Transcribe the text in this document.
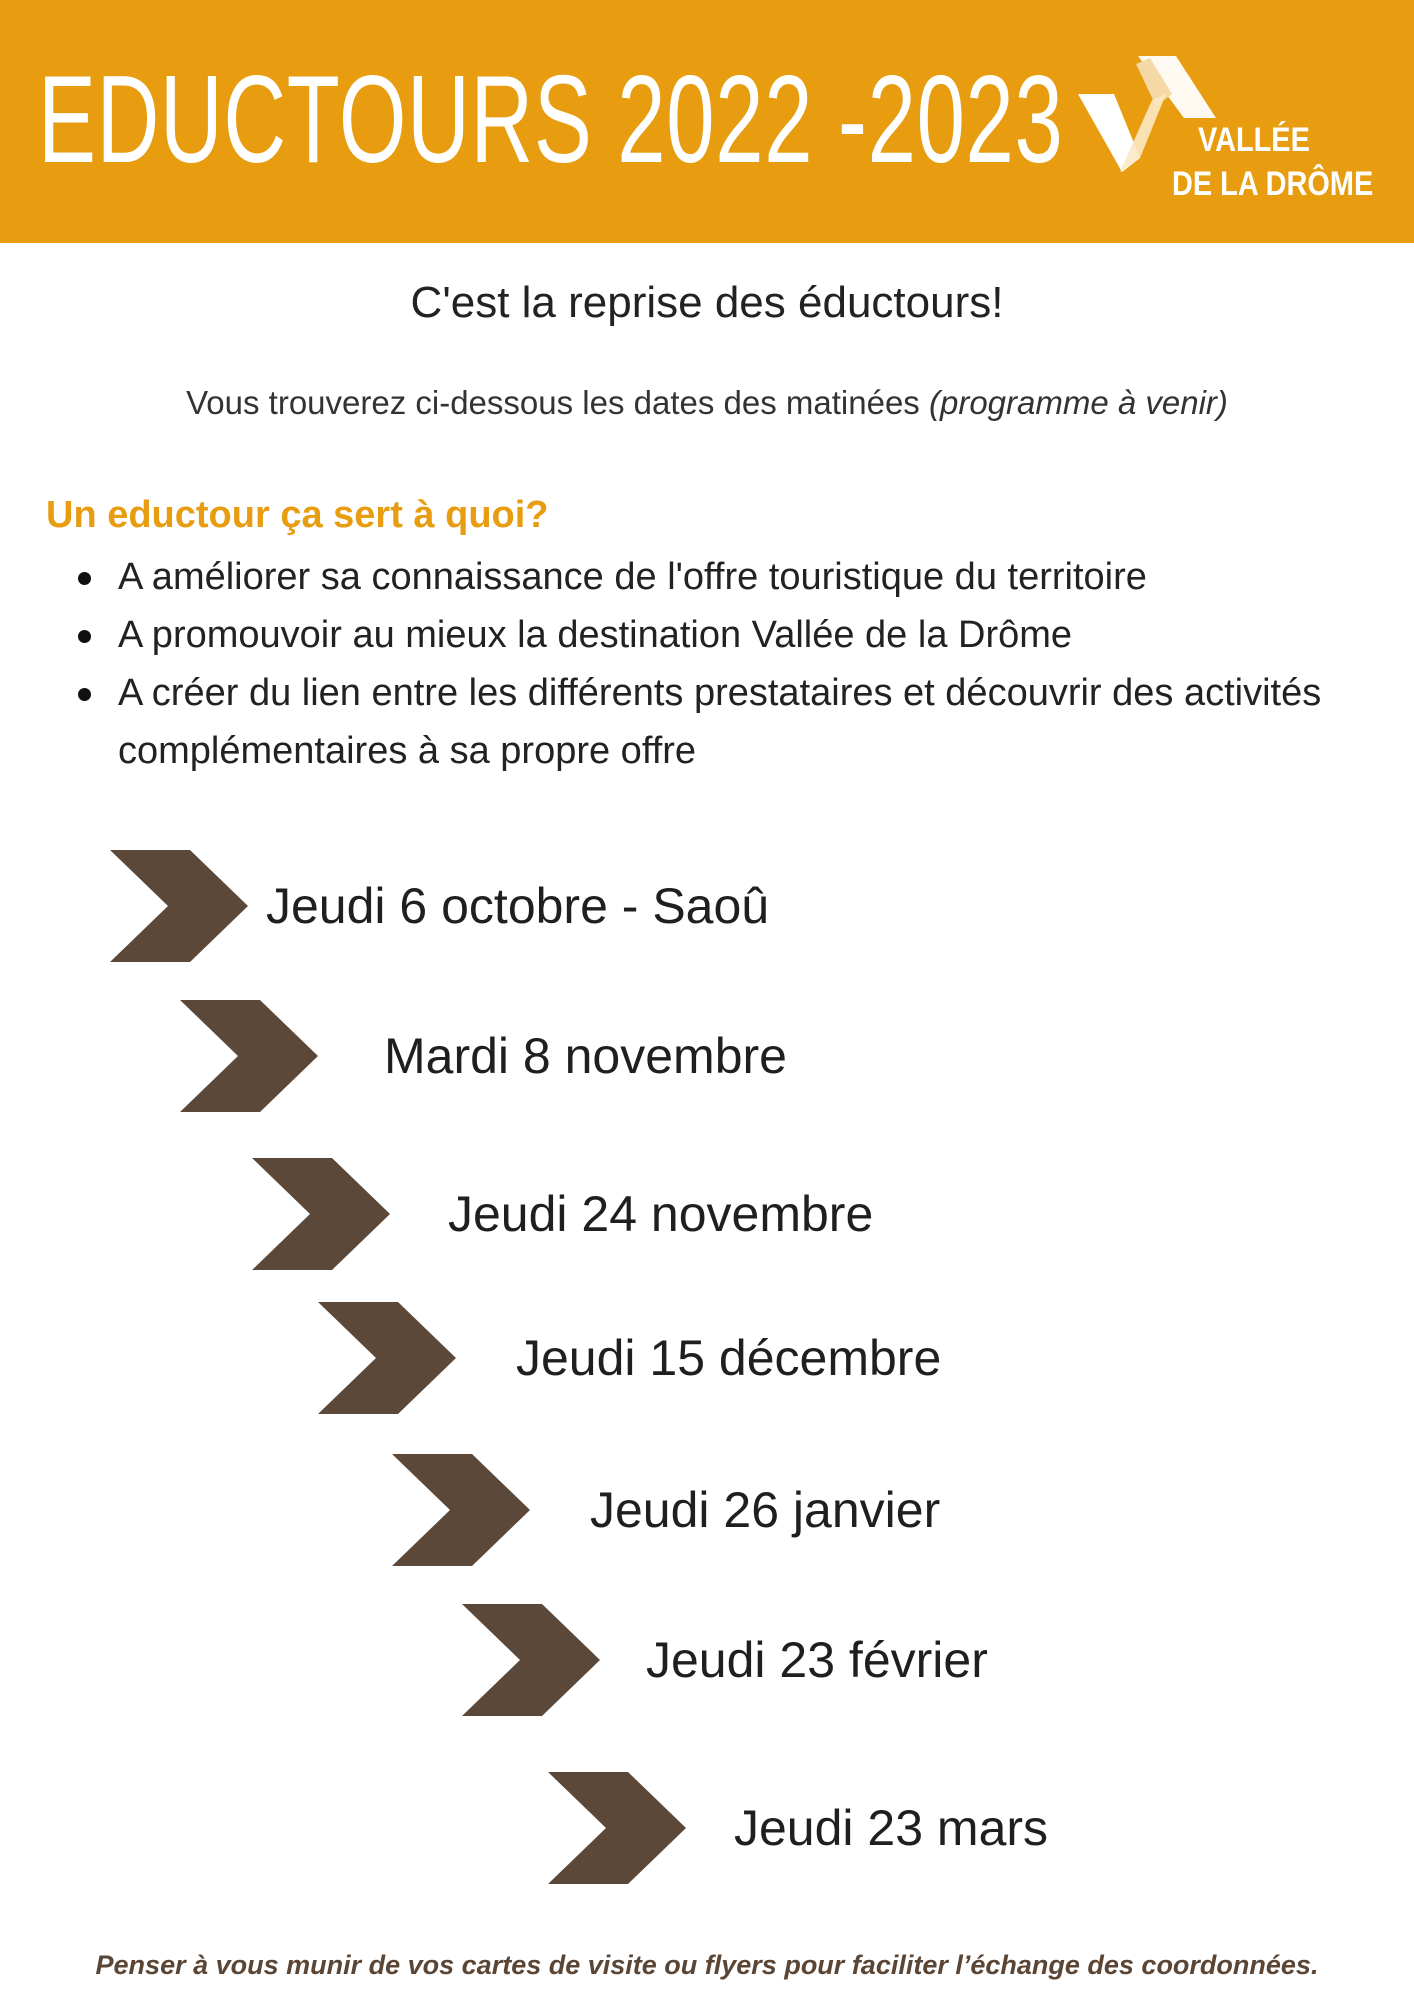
EDUCTOURS 2022 -2023	VALLÉE
DE LA DRÔME
C'est la reprise des éductours!
Vous trouverez ci-dessous les dates des matinées (programme à venir)
Un eductour ça sert à quoi?
A améliorer sa connaissance de l'offre touristique du territoire
A promouvoir au mieux la destination Vallée de la Drôme
A créer du lien entre les différents prestataires et découvrir des activités complémentaires à sa propre offre
Jeudi 6 octobre - Saoû
Mardi 8 novembre
Jeudi 24 novembre
Jeudi 15 décembre
Jeudi 26 janvier
Jeudi 23 février
Jeudi 23 mars
Penser à vous munir de vos cartes de visite ou flyers pour faciliter l’échange des coordonnées.
